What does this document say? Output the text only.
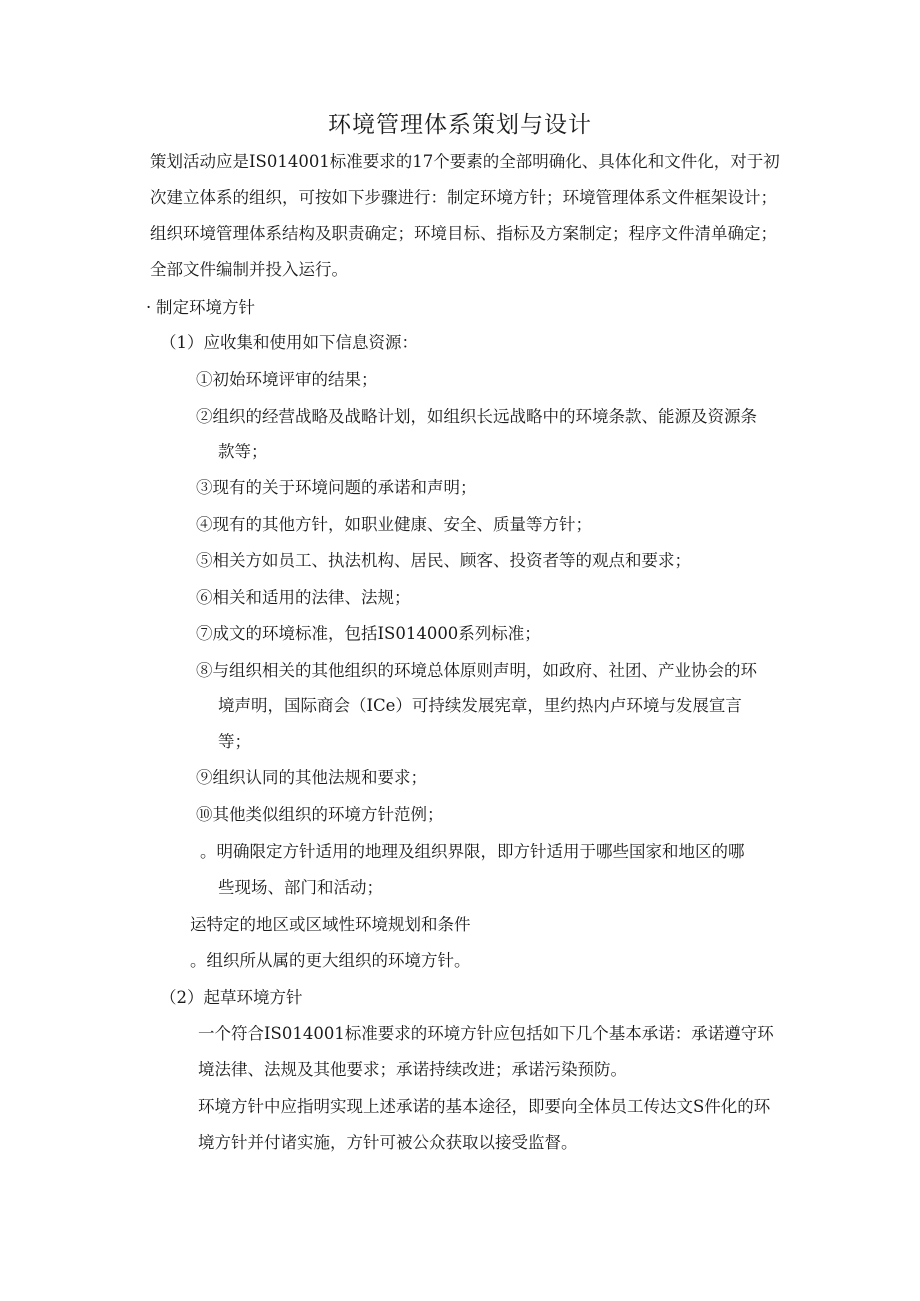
环境管理体系策划与设计

策划活动应是IS014001标准要求的17个要素的全部明确化、具体化和文件化，对于初次建立体系的组织，可按如下步骤进行：制定环境方针；环境管理体系文件框架设计；组织环境管理体系结构及职责确定；环境目标、指标及方案制定；程序文件清单确定；全部文件编制并投入运行。

· 制定环境方针
（1）应收集和使用如下信息资源：
①初始环境评审的结果；
②组织的经营战略及战略计划，如组织长远战略中的环境条款、能源及资源条
款等；
③现有的关于环境问题的承诺和声明；
④现有的其他方针，如职业健康、安全、质量等方针；
⑤相关方如员工、执法机构、居民、顾客、投资者等的观点和要求；
⑥相关和适用的法律、法规；
⑦成文的环境标准，包括IS014000系列标准；
⑧与组织相关的其他组织的环境总体原则声明，如政府、社团、产业协会的环
境声明，国际商会（ICe）可持续发展宪章，里约热内卢环境与发展宣言
等；
⑨组织认同的其他法规和要求；
⑩其他类似组织的环境方针范例；
。明确限定方针适用的地理及组织界限，即方针适用于哪些国家和地区的哪
些现场、部门和活动；
运特定的地区或区域性环境规划和条件
。组织所从属的更大组织的环境方针。
（2）起草环境方针

一个符合IS014001标准要求的环境方针应包括如下几个基本承诺：承诺遵守环境法律、法规及其他要求；承诺持续改进；承诺污染预防。

环境方针中应指明实现上述承诺的基本途径，即要向全体员工传达文S件化的环境方针并付诸实施，方针可被公众获取以接受监督。
